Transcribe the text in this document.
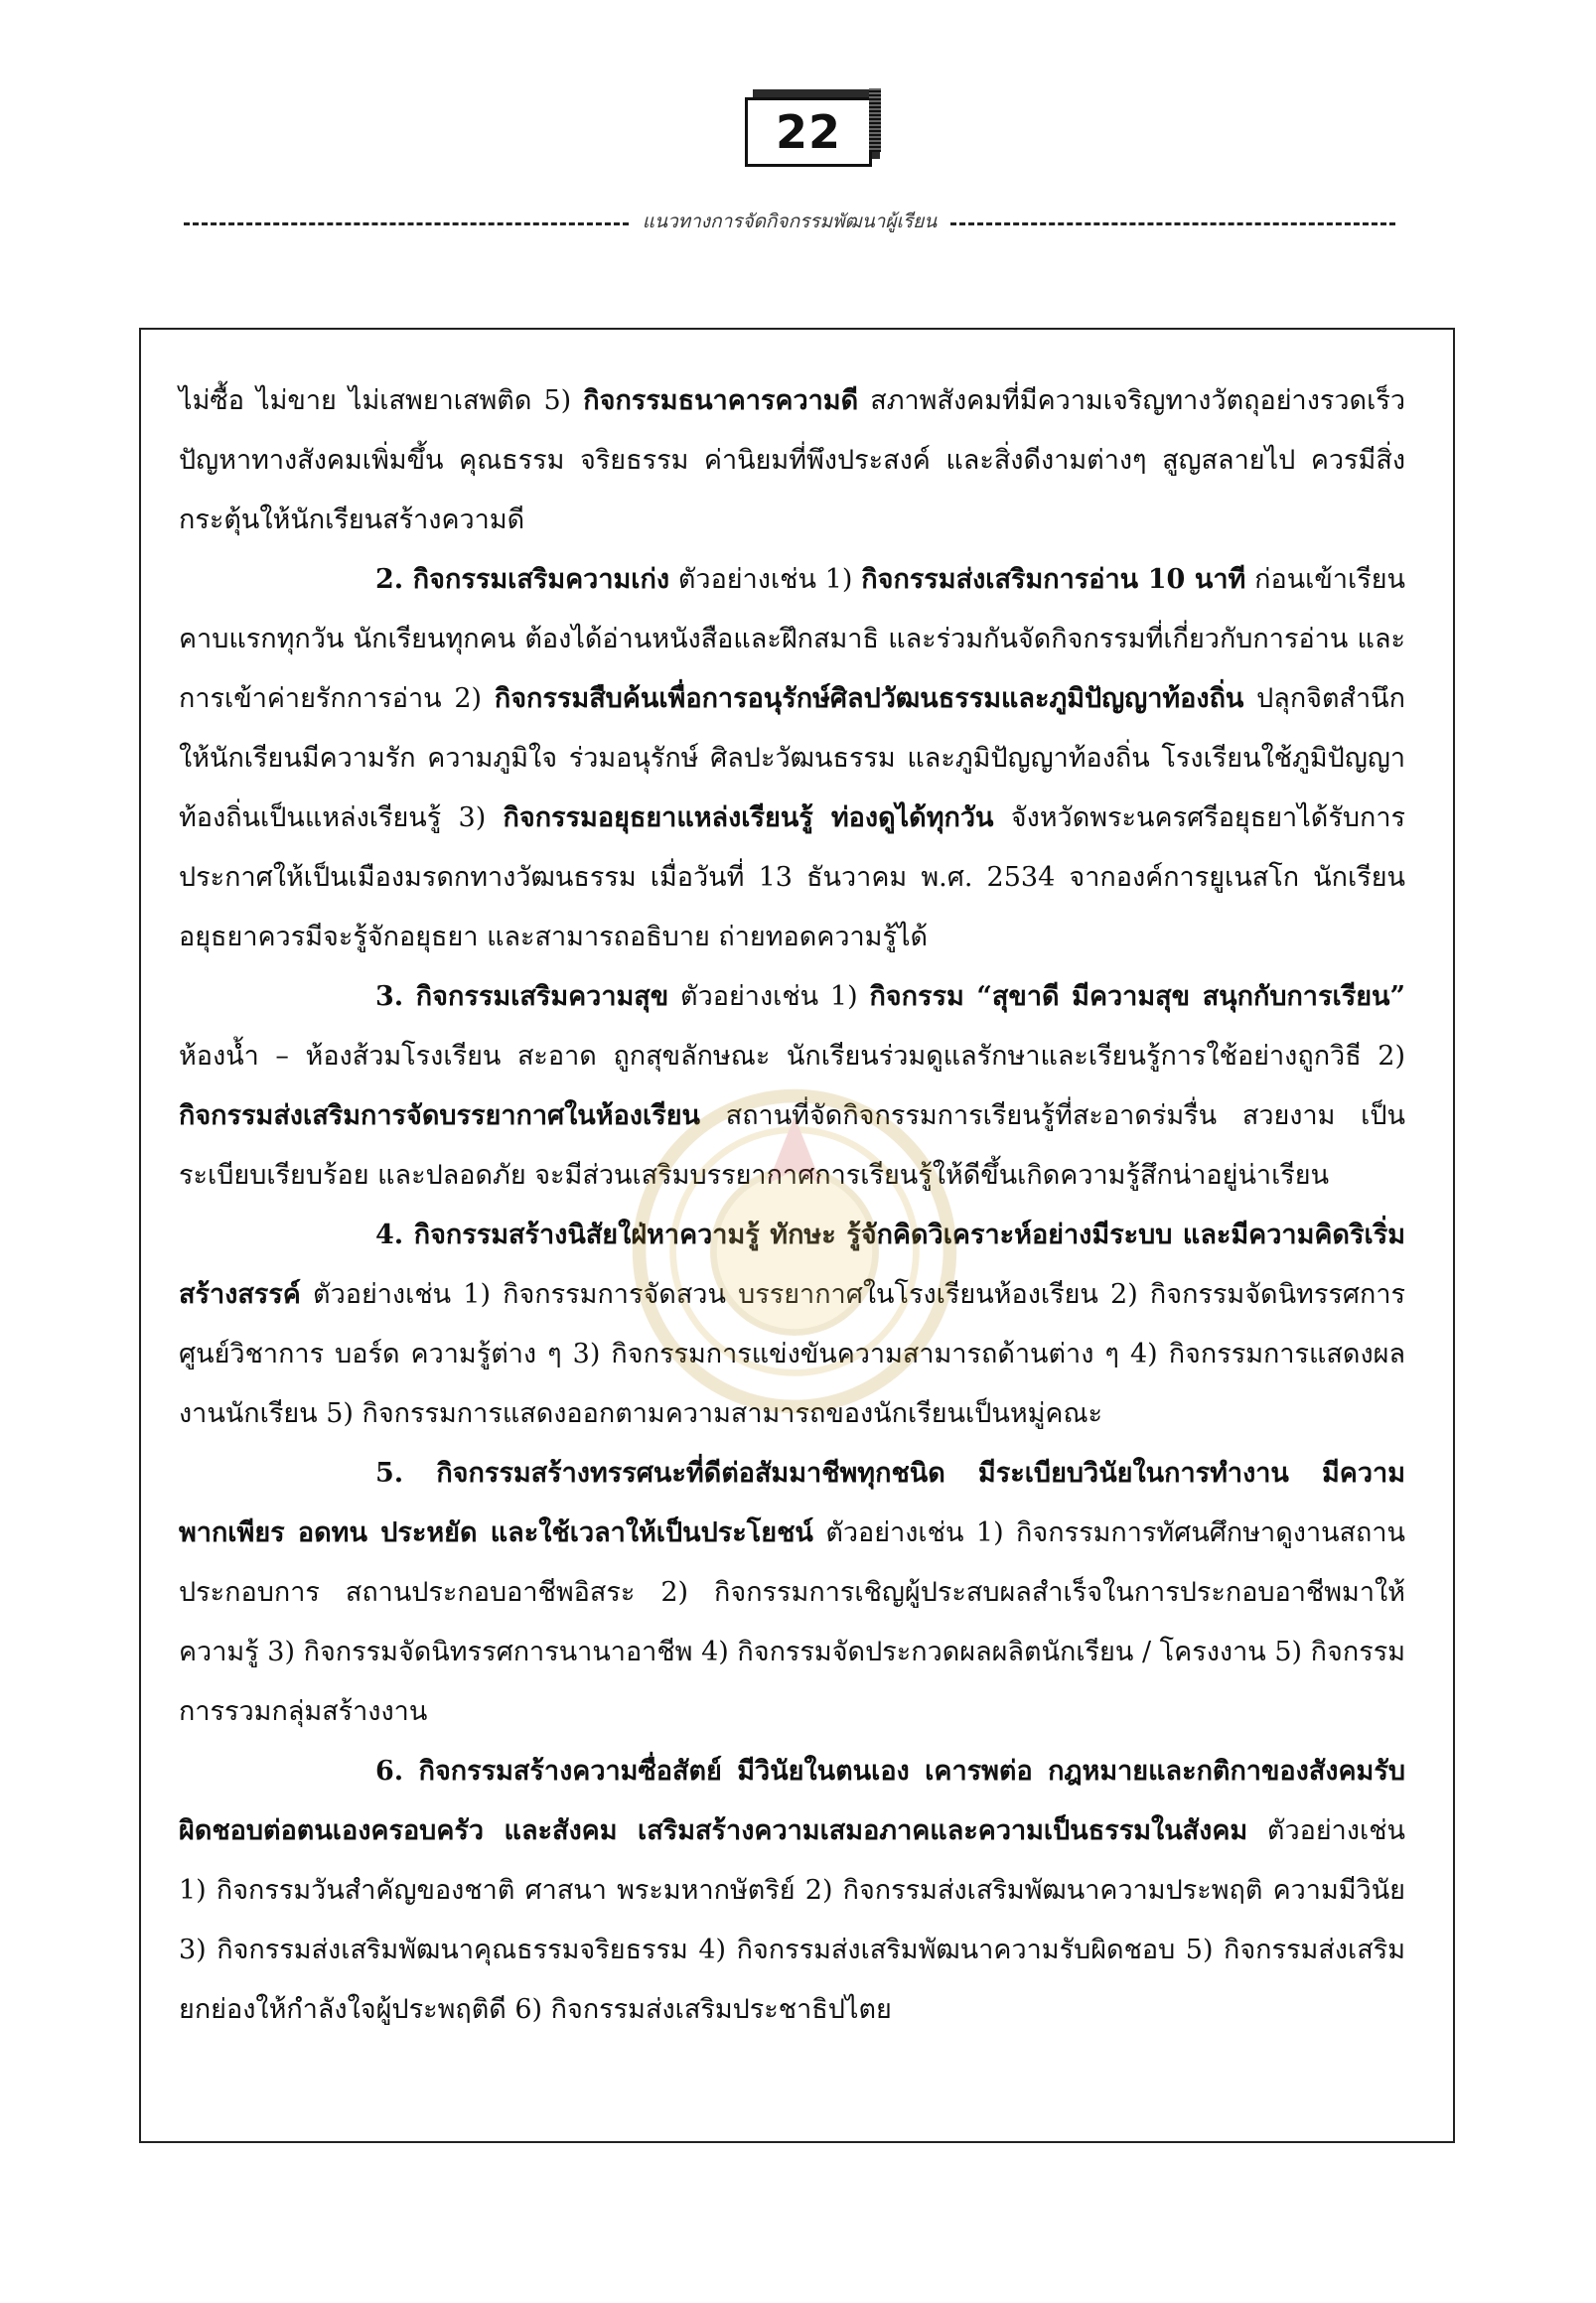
22
แนวทางการจัดกิจกรรมพัฒนาผู้เรียน

ไม่ซื้อ ไม่ขาย ไม่เสพยาเสพติด 5) กิจกรรมธนาคารความดี สภาพสังคมที่มีความเจริญทางวัตถุอย่างรวดเร็ว ปัญหาทางสังคมเพิ่มขึ้น คุณธรรม จริยธรรม ค่านิยมที่พึงประสงค์ และสิ่งดีงามต่างๆ สูญสลายไป ควรมีสิ่งกระตุ้นให้นักเรียนสร้างความดี

2. กิจกรรมเสริมความเก่ง ตัวอย่างเช่น 1) กิจกรรมส่งเสริมการอ่าน 10 นาที ก่อนเข้าเรียนคาบแรกทุกวัน นักเรียนทุกคน ต้องได้อ่านหนังสือและฝึกสมาธิ และร่วมกันจัดกิจกรรมที่เกี่ยวกับการอ่าน และการเข้าค่ายรักการอ่าน 2) กิจกรรมสืบค้นเพื่อการอนุรักษ์ศิลปวัฒนธรรมและภูมิปัญญาท้องถิ่น ปลุกจิตสำนึกให้นักเรียนมีความรัก ความภูมิใจ ร่วมอนุรักษ์ ศิลปะวัฒนธรรม และภูมิปัญญาท้องถิ่น โรงเรียนใช้ภูมิปัญญาท้องถิ่นเป็นแหล่งเรียนรู้ 3) กิจกรรมอยุธยาแหล่งเรียนรู้ ท่องดูได้ทุกวัน จังหวัดพระนครศรีอยุธยาได้รับการประกาศให้เป็นเมืองมรดกทางวัฒนธรรม เมื่อวันที่ 13 ธันวาคม พ.ศ. 2534 จากองค์การยูเนสโก นักเรียนอยุธยาควรมีจะรู้จักอยุธยา และสามารถอธิบาย ถ่ายทอดความรู้ได้

3. กิจกรรมเสริมความสุข ตัวอย่างเช่น 1) กิจกรรม “สุขาดี มีความสุข สนุกกับการเรียน” ห้องน้ำ – ห้องส้วมโรงเรียน สะอาด ถูกสุขลักษณะ นักเรียนร่วมดูแลรักษาและเรียนรู้การใช้อย่างถูกวิธี 2) กิจกรรมส่งเสริมการจัดบรรยากาศในห้องเรียน สถานที่จัดกิจกรรมการเรียนรู้ที่สะอาดร่มรื่น สวยงาม เป็นระเบียบเรียบร้อย และปลอดภัย จะมีส่วนเสริมบรรยากาศการเรียนรู้ให้ดีขึ้นเกิดความรู้สึกน่าอยู่น่าเรียน

4. กิจกรรมสร้างนิสัยใฝ่หาความรู้ ทักษะ รู้จักคิดวิเคราะห์อย่างมีระบบ และมีความคิดริเริ่มสร้างสรรค์ ตัวอย่างเช่น 1) กิจกรรมการจัดสวน บรรยากาศในโรงเรียนห้องเรียน 2) กิจกรรมจัดนิทรรศการศูนย์วิชาการ บอร์ด ความรู้ต่าง ๆ 3) กิจกรรมการแข่งขันความสามารถด้านต่าง ๆ 4) กิจกรรมการแสดงผลงานนักเรียน 5) กิจกรรมการแสดงออกตามความสามารถของนักเรียนเป็นหมู่คณะ

5. กิจกรรมสร้างทรรศนะที่ดีต่อสัมมาชีพทุกชนิด มีระเบียบวินัยในการทำงาน มีความพากเพียร อดทน ประหยัด และใช้เวลาให้เป็นประโยชน์ ตัวอย่างเช่น 1) กิจกรรมการทัศนศึกษาดูงานสถานประกอบการ สถานประกอบอาชีพอิสระ 2) กิจกรรมการเชิญผู้ประสบผลสำเร็จในการประกอบอาชีพมาให้ความรู้ 3) กิจกรรมจัดนิทรรศการนานาอาชีพ 4) กิจกรรมจัดประกวดผลผลิตนักเรียน / โครงงาน 5) กิจกรรมการรวมกลุ่มสร้างงาน

6. กิจกรรมสร้างความซื่อสัตย์ มีวินัยในตนเอง เคารพต่อ กฎหมายและกติกาของสังคมรับผิดชอบต่อตนเองครอบครัว และสังคม เสริมสร้างความเสมอภาคและความเป็นธรรมในสังคม ตัวอย่างเช่น 1) กิจกรรมวันสำคัญของชาติ ศาสนา พระมหากษัตริย์ 2) กิจกรรมส่งเสริมพัฒนาความประพฤติ ความมีวินัย 3) กิจกรรมส่งเสริมพัฒนาคุณธรรมจริยธรรม 4) กิจกรรมส่งเสริมพัฒนาความรับผิดชอบ 5) กิจกรรมส่งเสริมยกย่องให้กำลังใจผู้ประพฤติดี 6) กิจกรรมส่งเสริมประชาธิปไตย
